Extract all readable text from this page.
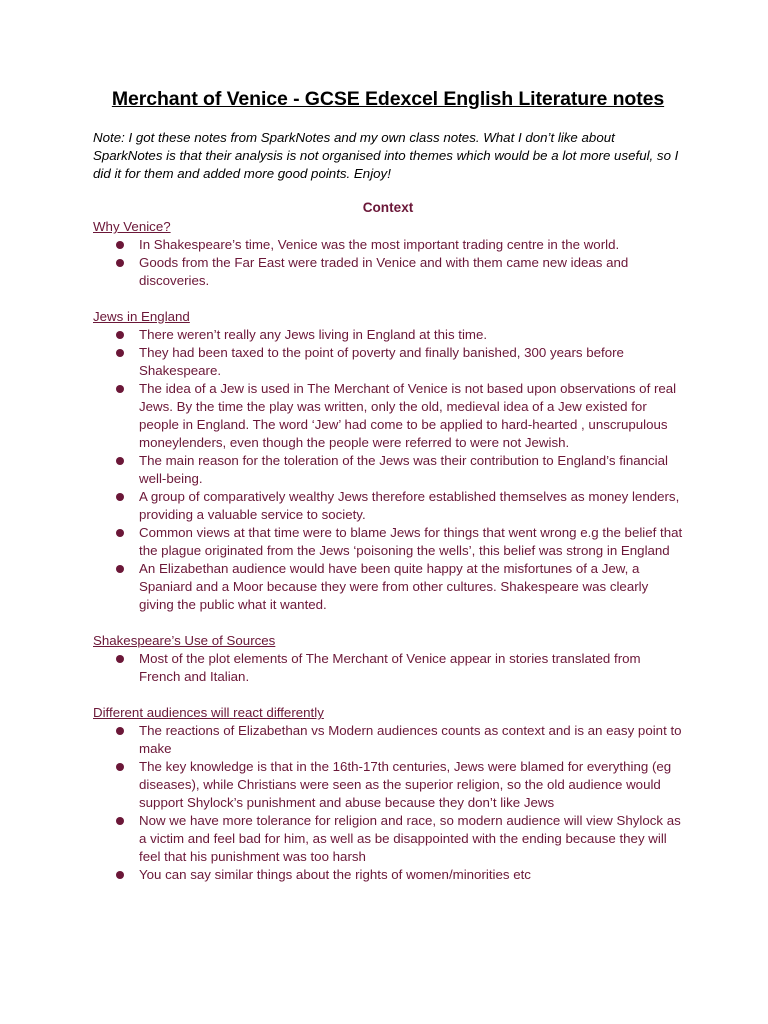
Merchant of Venice - GCSE Edexcel English Literature notes
Note: I got these notes from SparkNotes and my own class notes. What I don’t like about SparkNotes is that their analysis is not organised into themes which would be a lot more useful, so I did it for them and added more good points. Enjoy!
Context
Why Venice?
In Shakespeare’s time, Venice was the most important trading centre in the world.
Goods from the Far East were traded in Venice and with them came new ideas and discoveries.
Jews in England
There weren’t really any Jews living in England at this time.
They had been taxed to the point of poverty and finally banished, 300 years before Shakespeare.
The idea of a Jew is used in The Merchant of Venice is not based upon observations of real Jews. By the time the play was written, only the old, medieval idea of a Jew existed for people in England. The word ‘Jew’ had come to be applied to hard-hearted , unscrupulous moneylenders, even though the people were referred to were not Jewish.
The main reason for the toleration of the Jews was their contribution to England’s financial well-being.
A group of comparatively wealthy Jews therefore established themselves as money lenders, providing a valuable service to society.
Common views at that time were to blame Jews for things that went wrong e.g the belief that the plague originated from the Jews ‘poisoning the wells’, this belief was strong in England
An Elizabethan audience would have been quite happy at the misfortunes of a Jew, a Spaniard and a Moor because they were from other cultures. Shakespeare was clearly giving the public what it wanted.
Shakespeare’s Use of Sources
Most of the plot elements of The Merchant of Venice appear in stories translated from French and Italian.
Different audiences will react differently
The reactions of Elizabethan vs Modern audiences counts as context and is an easy point to make
The key knowledge is that in the 16th-17th centuries, Jews were blamed for everything (eg diseases), while Christians were seen as the superior religion, so the old audience would support Shylock’s punishment and abuse because they don’t like Jews
Now we have more tolerance for religion and race, so modern audience will view Shylock as a victim and feel bad for him, as well as be disappointed with the ending because they will feel that his punishment was too harsh
You can say similar things about the rights of women/minorities etc
